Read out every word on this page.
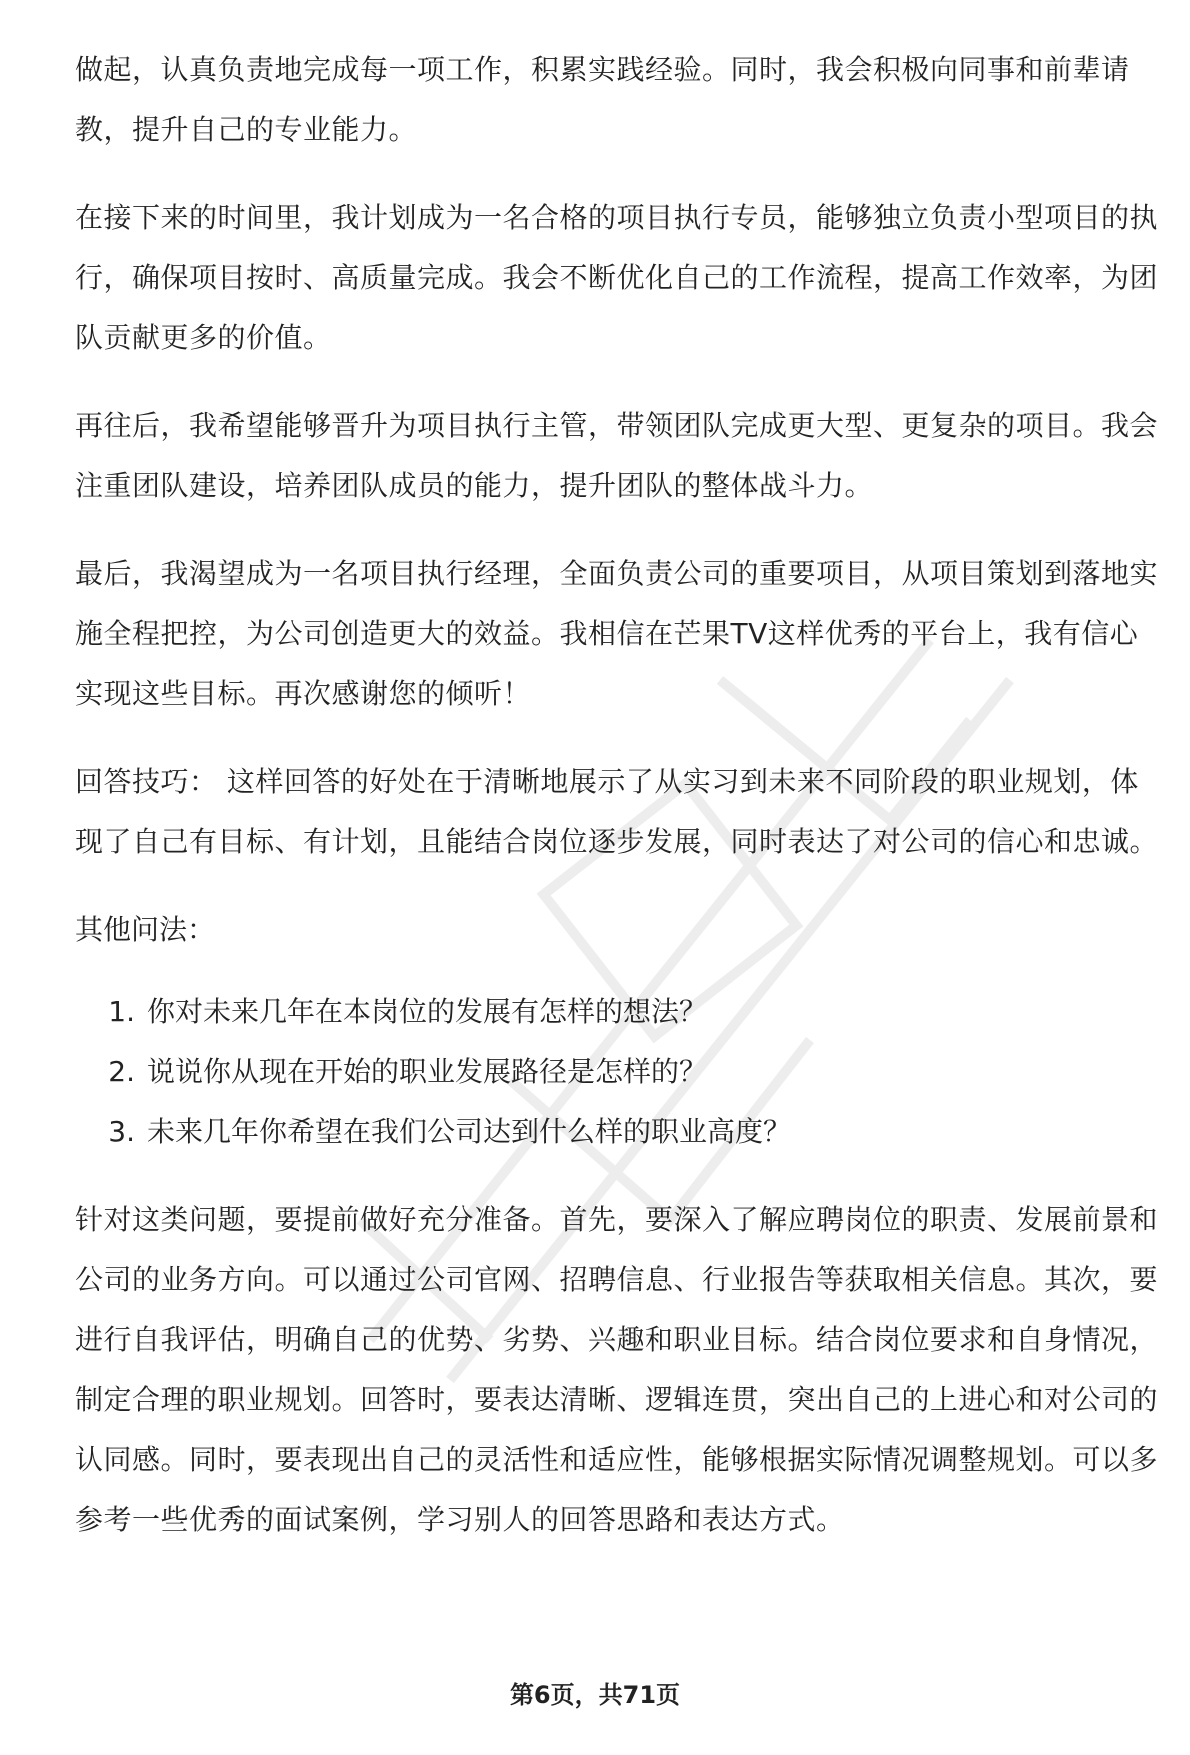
做起，认真负责地完成每一项工作，积累实践经验。同时，我会积极向同事和前辈请教，提升自己的专业能力。

在接下来的时间里，我计划成为一名合格的项目执行专员，能够独立负责小型项目的执行，确保项目按时、高质量完成。我会不断优化自己的工作流程，提高工作效率，为团队贡献更多的价值。

再往后，我希望能够晋升为项目执行主管，带领团队完成更大型、更复杂的项目。我会注重团队建设，培养团队成员的能力，提升团队的整体战斗力。

最后，我渴望成为一名项目执行经理，全面负责公司的重要项目，从项目策划到落地实施全程把控，为公司创造更大的效益。我相信在芒果TV这样优秀的平台上，我有信心实现这些目标。再次感谢您的倾听！

回答技巧： 这样回答的好处在于清晰地展示了从实习到未来不同阶段的职业规划，体现了自己有目标、有计划，且能结合岗位逐步发展，同时表达了对公司的信心和忠诚。

其他问法：

1. 你对未来几年在本岗位的发展有怎样的想法？
2. 说说你从现在开始的职业发展路径是怎样的？
3. 未来几年你希望在我们公司达到什么样的职业高度？

针对这类问题，要提前做好充分准备。首先，要深入了解应聘岗位的职责、发展前景和公司的业务方向。可以通过公司官网、招聘信息、行业报告等获取相关信息。其次，要进行自我评估，明确自己的优势、劣势、兴趣和职业目标。结合岗位要求和自身情况，制定合理的职业规划。回答时，要表达清晰、逻辑连贯，突出自己的上进心和对公司的认同感。同时，要表现出自己的灵活性和适应性，能够根据实际情况调整规划。可以多参考一些优秀的面试案例，学习别人的回答思路和表达方式。

第6页，共71页
